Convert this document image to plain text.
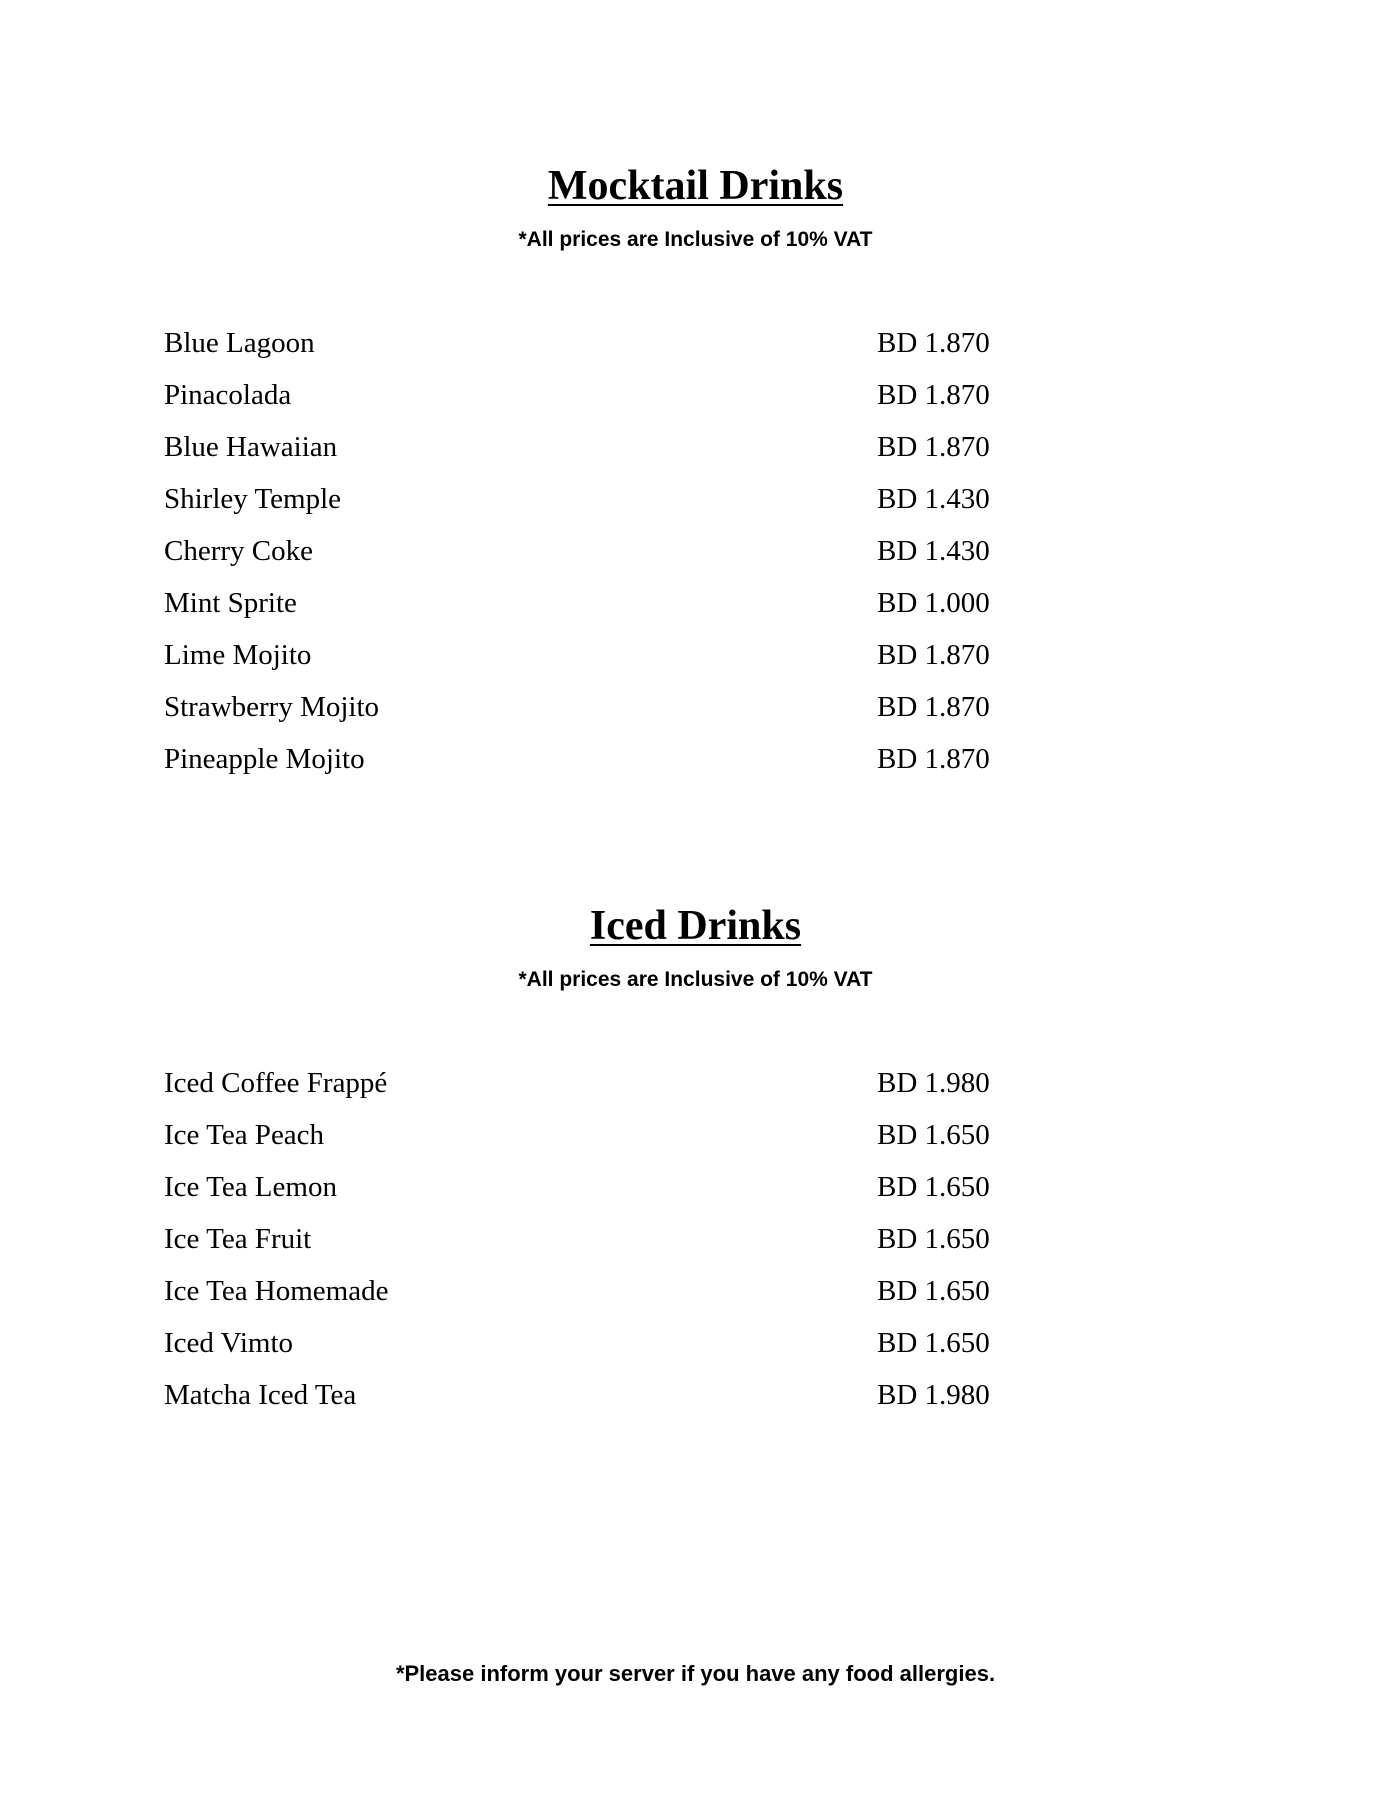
Mocktail Drinks
*All prices are Inclusive of 10% VAT
Blue Lagoon	BD 1.870
Pinacolada	BD 1.870
Blue Hawaiian	BD 1.870
Shirley Temple	BD 1.430
Cherry Coke	BD 1.430
Mint Sprite	BD 1.000
Lime Mojito	BD 1.870
Strawberry Mojito	BD 1.870
Pineapple Mojito	BD 1.870
Iced Drinks
*All prices are Inclusive of 10% VAT
Iced Coffee Frappé	BD 1.980
Ice Tea Peach	BD 1.650
Ice Tea Lemon	BD 1.650
Ice Tea Fruit	BD 1.650
Ice Tea Homemade	BD 1.650
Iced Vimto	BD 1.650
Matcha Iced Tea	BD 1.980
*Please inform your server if you have any food allergies.
